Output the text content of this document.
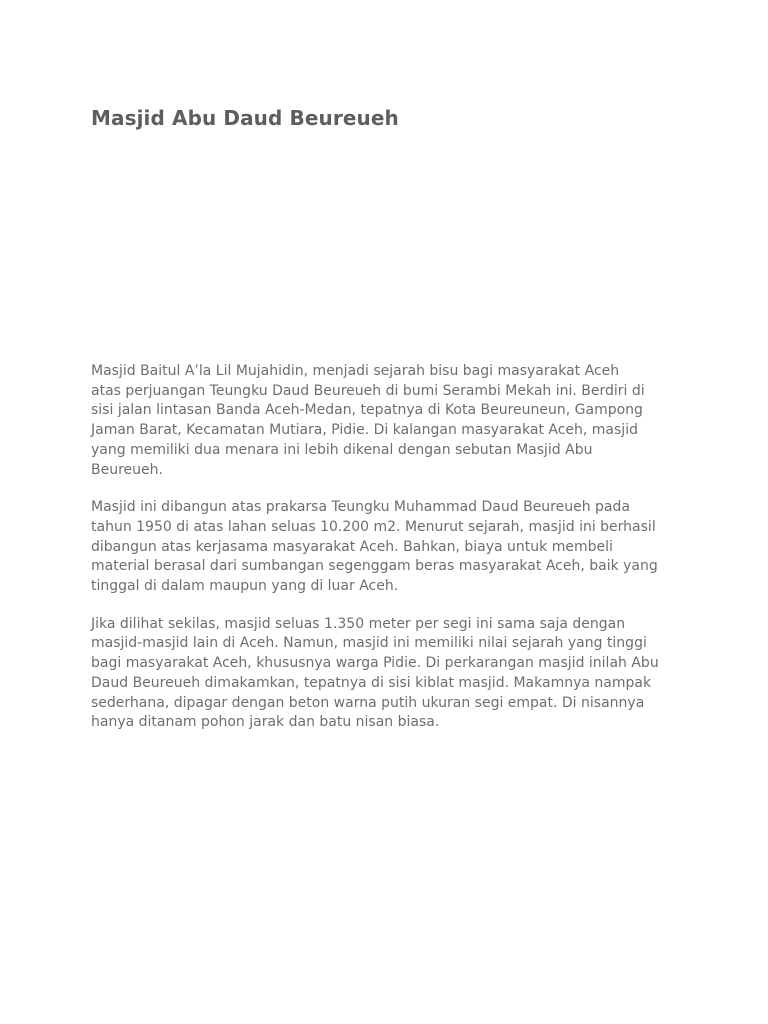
Masjid Abu Daud Beureueh

Masjid Baitul A’la Lil Mujahidin, menjadi sejarah bisu bagi masyarakat Aceh
atas perjuangan Teungku Daud Beureueh di bumi Serambi Mekah ini. Berdiri di
sisi jalan lintasan Banda Aceh-Medan, tepatnya di Kota Beureuneun, Gampong
Jaman Barat, Kecamatan Mutiara, Pidie. Di kalangan masyarakat Aceh, masjid
yang memiliki dua menara ini lebih dikenal dengan sebutan Masjid Abu
Beureueh.

Masjid ini dibangun atas prakarsa Teungku Muhammad Daud Beureueh pada
tahun 1950 di atas lahan seluas 10.200 m2. Menurut sejarah, masjid ini berhasil
dibangun atas kerjasama masyarakat Aceh. Bahkan, biaya untuk membeli
material berasal dari sumbangan segenggam beras masyarakat Aceh, baik yang
tinggal di dalam maupun yang di luar Aceh.

Jika dilihat sekilas, masjid seluas 1.350 meter per segi ini sama saja dengan
masjid-masjid lain di Aceh. Namun, masjid ini memiliki nilai sejarah yang tinggi
bagi masyarakat Aceh, khususnya warga Pidie. Di perkarangan masjid inilah Abu
Daud Beureueh dimakamkan, tepatnya di sisi kiblat masjid. Makamnya nampak
sederhana, dipagar dengan beton warna putih ukuran segi empat. Di nisannya
hanya ditanam pohon jarak dan batu nisan biasa.
